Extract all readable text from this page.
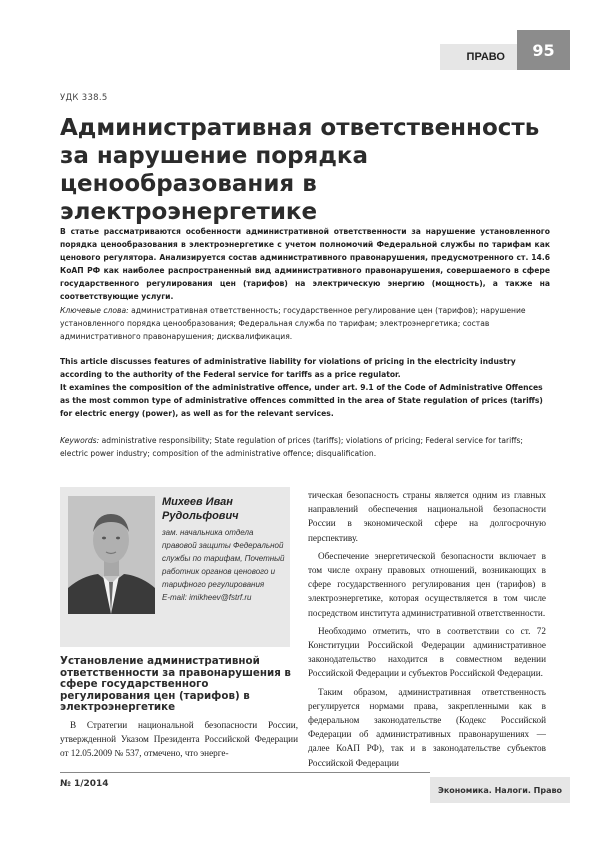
ПРАВО	95
УДК 338.5
Административная ответственность за нарушение порядка ценообразования в электроэнергетике

В статье рассматриваются особенности административной ответственности за нарушение установленного порядка ценообразования в электроэнергетике с учетом полномочий Федеральной службы по тарифам как ценового регулятора. Анализируется состав административного правонарушения, предусмотренного ст. 14.6 КоАП РФ как наиболее распространенный вид административного правонарушения, совершаемого в сфере государственного регулирования цен (тарифов) на электрическую энергию (мощность), а также на соответствующие услуги.

Ключевые слова: административная ответственность; государственное регулирование цен (тарифов); нарушение установленного порядка ценообразования; Федеральная служба по тарифам; электроэнергетика; состав административного правонарушения; дисквалификация.

This article discusses features of administrative liability for violations of pricing in the electricity industry according to the authority of the Federal service for tariffs as a price regulator.
It examines the composition of the administrative offence, under art. 9.1 of the Code of Administrative Offences as the most common type of administrative offences committed in the area of State regulation of prices (tariffs) for electric energy (power), as well as for the relevant services.

Keywords: administrative responsibility; State regulation of prices (tariffs); violations of pricing; Federal service for tariffs; electric power industry; composition of the administrative offence; disqualification.

Михеев Иван Рудольфович

зам. начальника отдела правовой защиты Федеральной службы по тарифам, Почетный работник органов ценового и тарифного регулирования
E-mail: imikheev@fstrf.ru

Установление административной ответственности за правонарушения в сфере государственного регулирования цен (тарифов) в электроэнергетике

В Стратегии национальной безопасности России, утвержденной Указом Президента Российской Федерации от 12.05.2009 № 537, отмечено, что энерге-

тическая безопасность страны является одним из главных направлений обеспечения национальной безопасности России в экономической сфере на долгосрочную перспективу.

Обеспечение энергетической безопасности включает в том числе охрану правовых отношений, возникающих в сфере государственного регулирования цен (тарифов) в электроэнергетике, которая осуществляется в том числе посредством института административной ответственности.

Необходимо отметить, что в соответствии со ст. 72 Конституции Российской Федерации административное законодательство находится в совместном ведении Российской Федерации и субъектов Российской Федерации.

Таким образом, административная ответственность регулируется нормами права, закрепленными как в федеральном законодательстве (Кодекс Российской Федерации об административных правонарушениях — далее КоАП РФ), так и в законодательстве субъектов Российской Федерации

№ 1/2014
Экономика. Налоги. Право
